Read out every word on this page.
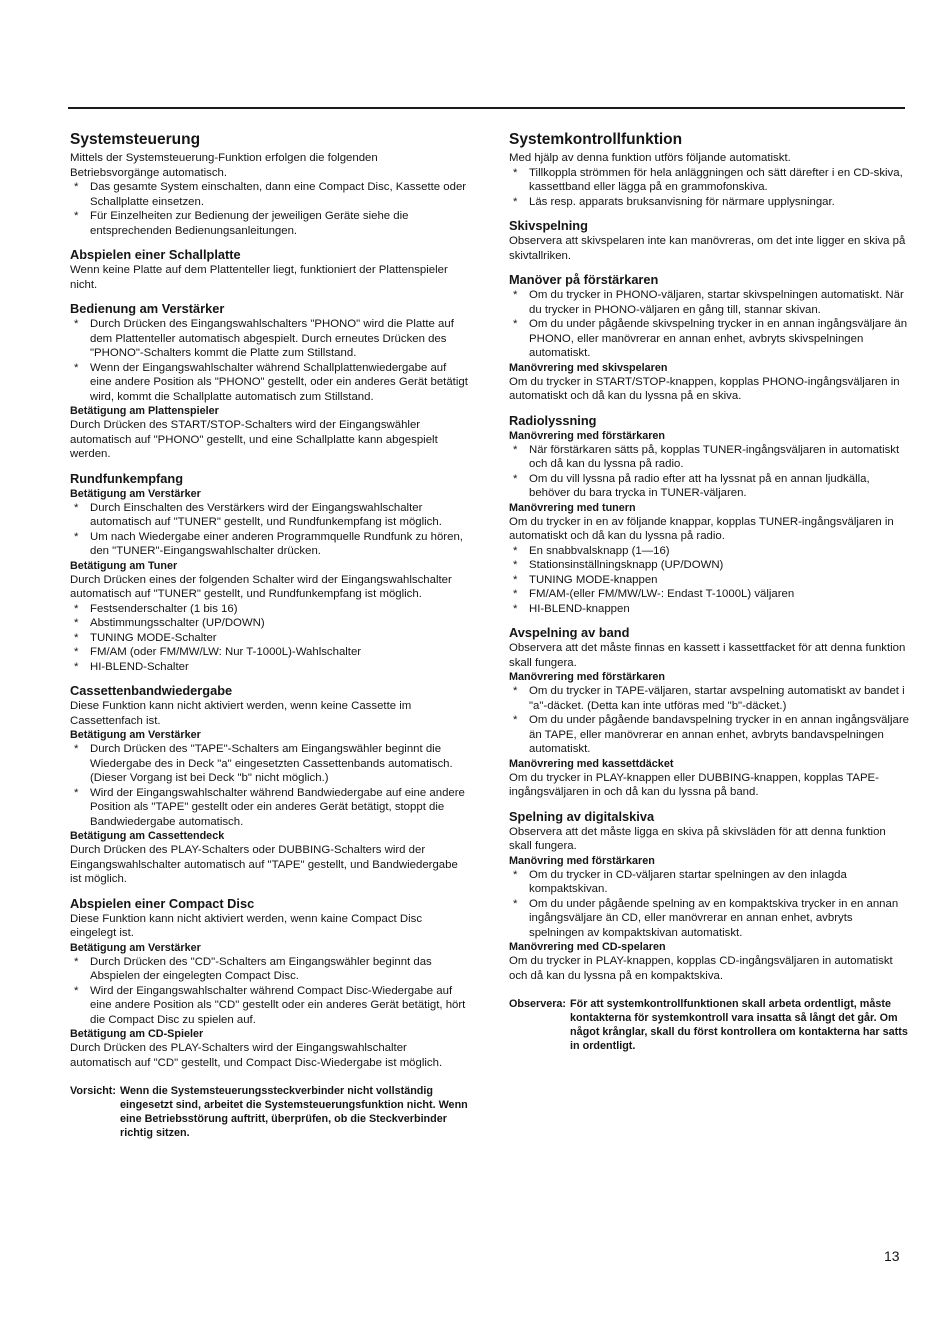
Systemsteuerung

Mittels der Systemsteuerung-Funktion erfolgen die folgenden Betriebsvorgänge automatisch.

*	Das gesamte System einschalten, dann eine Compact Disc, Kassette oder Schallplatte einsetzen.
*	Für Einzelheiten zur Bedienung der jeweiligen Geräte siehe die entsprechenden Bedienungsanleitungen.
Abspielen einer Schallplatte

Wenn keine Platte auf dem Plattenteller liegt, funktioniert der Plattenspieler nicht.

Bedienung am Verstärker
*	Durch Drücken des Eingangswahlschalters "PHONO" wird die Platte auf dem Plattenteller automatisch abgespielt. Durch erneutes Drücken des "PHONO"-Schalters kommt die Platte zum Stillstand.
*	Wenn der Eingangswahlschalter während Schallplattenwiedergabe auf eine andere Position als "PHONO" gestellt, oder ein anderes Gerät betätigt wird, kommt die Schallplatte automatisch zum Stillstand.
Betätigung am Plattenspieler

Durch Drücken des START/STOP-Schalters wird der Eingangswähler automatisch auf "PHONO" gestellt, und eine Schallplatte kann abgespielt werden.

Rundfunkempfang
Betätigung am Verstärker
*	Durch Einschalten des Verstärkers wird der Eingangswahlschalter automatisch auf "TUNER" gestellt, und Rundfunkempfang ist möglich.
*	Um nach Wiedergabe einer anderen Programmquelle Rundfunk zu hören, den "TUNER"-Eingangswahlschalter drücken.
Betätigung am Tuner

Durch Drücken eines der folgenden Schalter wird der Eingangswahlschalter automatisch auf "TUNER" gestellt, und Rundfunkempfang ist möglich.

*	Festsenderschalter (1 bis 16)
*	Abstimmungsschalter (UP/DOWN)
*	TUNING MODE-Schalter
*	FM/AM (oder FM/MW/LW: Nur T-1000L)-Wahlschalter
*	HI-BLEND-Schalter
Cassettenbandwiedergabe

Diese Funktion kann nicht aktiviert werden, wenn keine Cassette im Cassettenfach ist.

Betätigung am Verstärker
*	Durch Drücken des "TAPE"-Schalters am Eingangswähler beginnt die Wiedergabe des in Deck "a" eingesetzten Cassettenbands automatisch. (Dieser Vorgang ist bei Deck "b" nicht möglich.)
*	Wird der Eingangswahlschalter während Bandwiedergabe auf eine andere Position als "TAPE" gestellt oder ein anderes Gerät betätigt, stoppt die Bandwiedergabe automatisch.
Betätigung am Cassettendeck

Durch Drücken des PLAY-Schalters oder DUBBING-Schalters wird der Eingangswahlschalter automatisch auf "TAPE" gestellt, und Bandwiedergabe ist möglich.

Abspielen einer Compact Disc

Diese Funktion kann nicht aktiviert werden, wenn kaine Compact Disc eingelegt ist.

Betätigung am Verstärker
*	Durch Drücken des "CD"-Schalters am Eingangswähler beginnt das Abspielen der eingelegten Compact Disc.
*	Wird der Eingangswahlschalter während Compact Disc-Wiedergabe auf eine andere Position als "CD" gestellt oder ein anderes Gerät betätigt, hört die Compact Disc zu spielen auf.
Betätigung am CD-Spieler

Durch Drücken des PLAY-Schalters wird der Eingangswahlschalter automatisch auf "CD" gestellt, und Compact Disc-Wiedergabe ist möglich.

Vorsicht: Wenn die Systemsteuerungssteckverbinder nicht vollständig eingesetzt sind, arbeitet die Systemsteuerungsfunktion nicht. Wenn eine Betriebsstörung auftritt, überprüfen, ob die Steckverbinder richtig sitzen.
Systemkontrollfunktion

Med hjälp av denna funktion utförs följande automatiskt.

*	Tillkoppla strömmen för hela anläggningen och sätt därefter i en CD-skiva, kassettband eller lägga på en grammofonskiva.
*	Läs resp. apparats bruksanvisning för närmare upplysningar.
Skivspelning

Observera att skivspelaren inte kan manövreras, om det inte ligger en skiva på skivtallriken.

Manöver på förstärkaren
*	Om du trycker in PHONO-väljaren, startar skivspelningen automatiskt. När du trycker in PHONO-väljaren en gång till, stannar skivan.
*	Om du under pågående skivspelning trycker in en annan ingångsväljare än PHONO, eller manövrerar en annan enhet, avbryts skivspelningen automatiskt.
Manövrering med skivspelaren

Om du trycker in START/STOP-knappen, kopplas PHONO-ingångsväljaren in automatiskt och då kan du lyssna på en skiva.

Radiolyssning
Manövrering med förstärkaren
*	När förstärkaren sätts på, kopplas TUNER-ingångsväljaren in automatiskt och då kan du lyssna på radio.
*	Om du vill lyssna på radio efter att ha lyssnat på en annan ljudkälla, behöver du bara trycka in TUNER-väljaren.
Manövrering med tunern

Om du trycker in en av följande knappar, kopplas TUNER-ingångsväljaren in automatiskt och då kan du lyssna på radio.

*	En snabbvalsknapp (1—16)
*	Stationsinställningsknapp (UP/DOWN)
*	TUNING MODE-knappen
*	FM/AM-(eller FM/MW/LW-: Endast T-1000L) väljaren
*	HI-BLEND-knappen
Avspelning av band

Observera att det måste finnas en kassett i kassettfacket för att denna funktion skall fungera.

Manövrering med förstärkaren
*	Om du trycker in TAPE-väljaren, startar avspelning automatiskt av bandet i "a"-däcket. (Detta kan inte utföras med "b"-däcket.)
*	Om du under pågående bandavspelning trycker in en annan ingångsväljare än TAPE, eller manövrerar en annan enhet, avbryts bandavspelningen automatiskt.
Manövrering med kassettdäcket

Om du trycker in PLAY-knappen eller DUBBING-knappen, kopplas TAPE-ingångsväljaren in och då kan du lyssna på band.

Spelning av digitalskiva

Observera att det måste ligga en skiva på skivsläden för att denna funktion skall fungera.

Manövring med förstärkaren
*	Om du trycker in CD-väljaren startar spelningen av den inlagda kompaktskivan.
*	Om du under pågående spelning av en kompaktskiva trycker in en annan ingångsväljare än CD, eller manövrerar en annan enhet, avbryts spelningen av kompaktskivan automatiskt.
Manövrering med CD-spelaren

Om du trycker in PLAY-knappen, kopplas CD-ingångsväljaren in automatiskt och då kan du lyssna på en kompaktskiva.

Observera: För att systemkontrollfunktionen skall arbeta ordentligt, måste kontakterna för systemkontroll vara insatta så långt det går. Om något krånglar, skall du först kontrollera om kontakterna har satts in ordentligt.
13
